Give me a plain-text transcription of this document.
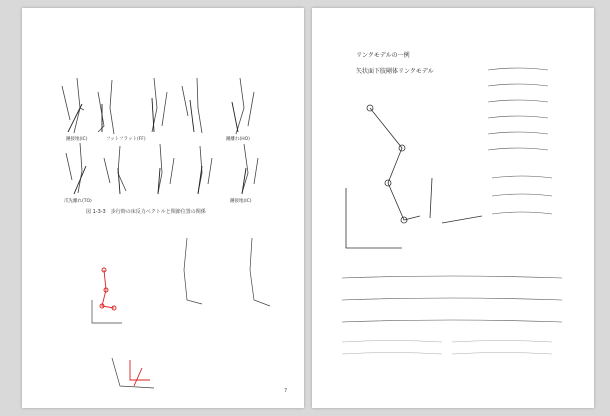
踵接地(IC)	フットフラット(FF)	踵離れ(HO)
爪先離れ(TO)	踵接地(IC)
図 1-3-3　歩行時の床反力ベクトルと関節位置の関係
7
リンクモデルの一例
矢状面下肢剛体リンクモデル
